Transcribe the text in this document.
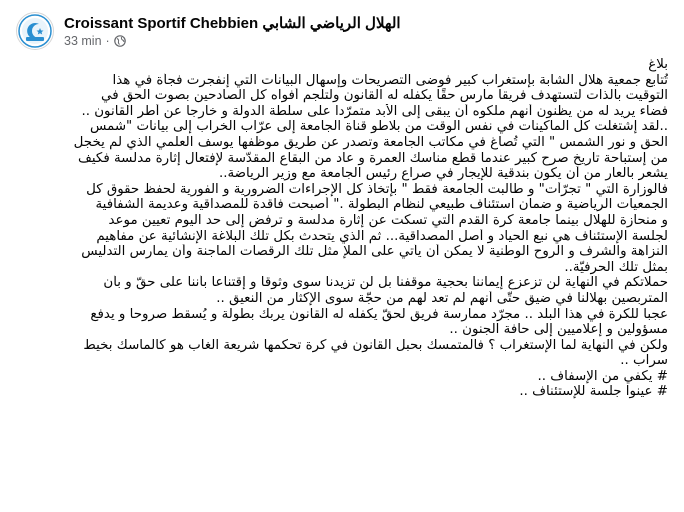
Croissant Sportif Chebbien الهلال الرياضي الشابي
33 min ·
بلاغ
تُتابع جمعية هلال الشابة بإستغراب كبير فوضى التصريحات وإسهال البيانات التي إنفجرت فجأة في هذا
التوقيت بالذات لتستهدف فريقا مارس حقًا يكفله له القانون ولتلجم أفواه كل الصادحين بصوت الحق في
فضاء يريد له من يظنون أنهم ملكوه أن يبقى إلى الأبد متمرّدا على سلطة الدولة و خارجا عن أطر القانون ..
..لقد إشتغلت كل الماكينات في نفس الوقت من بلاطو قناة الجامعة إلى عرّاب الخراب إلى بيانات "شمس
الحق و نور الشمس " التي تُصاغ في مكاتب الجامعة وتصدر عن طريق موظفها يوسف العلمي الذي لم يخجل
من إستباحة تاريخ صرح كبير عندما قطع مناسك العمرة و عاد من البقاع المقدّسة لإفتعال إثارة مدلّسة فكيف
يشعر بالعار من أن يكون بندقية للإيجار في صراع رئيس الجامعة مع وزير الرياضة..
فالوزارة التي " تجرّأت" و طالبت الجامعة فقط " بإتخاذ كل الإجراءات الضرورية و الفورية لحفظ حقوق كل
الجمعيات الرياضية و ضمان استئناف طبيعي لنظام البطولة ." أصبحت فاقدة للمصداقية وعديمة الشفافية
و منحازة للهلال بينما جامعة كرة القدم التي تسكت عن إثارة مدلّسة و ترفض إلى حد اليوم تعيين موعد
لجلسة الإستئناف هي نبع الحياد و أصل المصداقية... ثم الذي يتحدث بكل تلك البلاغة الإنشائية عن مفاهيم
النزاهة والشرف و الروح الوطنية لا يمكن أن يأتي على الملإ مثل تلك الرقصات الماجنة وأن يمارس التدليس
بمثل تلك الحرفيّة..
حملاتكم في النهاية لن تزعزع إيماننا بحجية موقفنا بل لن تزيدنا سوى وثوقا و إقتناعا بأننا على حقّ و بأن
المتربصين بهلالنا في ضيق حتّى أنهم لم تعد لهم من حجّة سوى الإكثار من النعيق ..
عجبا للكرة في هذا البلد .. مجرّد ممارسة فريق لحقّ يكفله له القانون يربك بطولة و يُسقط صروحا و يدفع
مسؤولين و إعلاميين إلى حافة الجنون ..
ولكن في النهاية لما الإستغراب ؟ فالمتمسك بحبل القانون في كرة تحكمها شريعة الغاب هو كالماسك بخيط
سراب ..
# يكفي من الإسفاف ..
# عينوا جلسة للإستئناف ..
